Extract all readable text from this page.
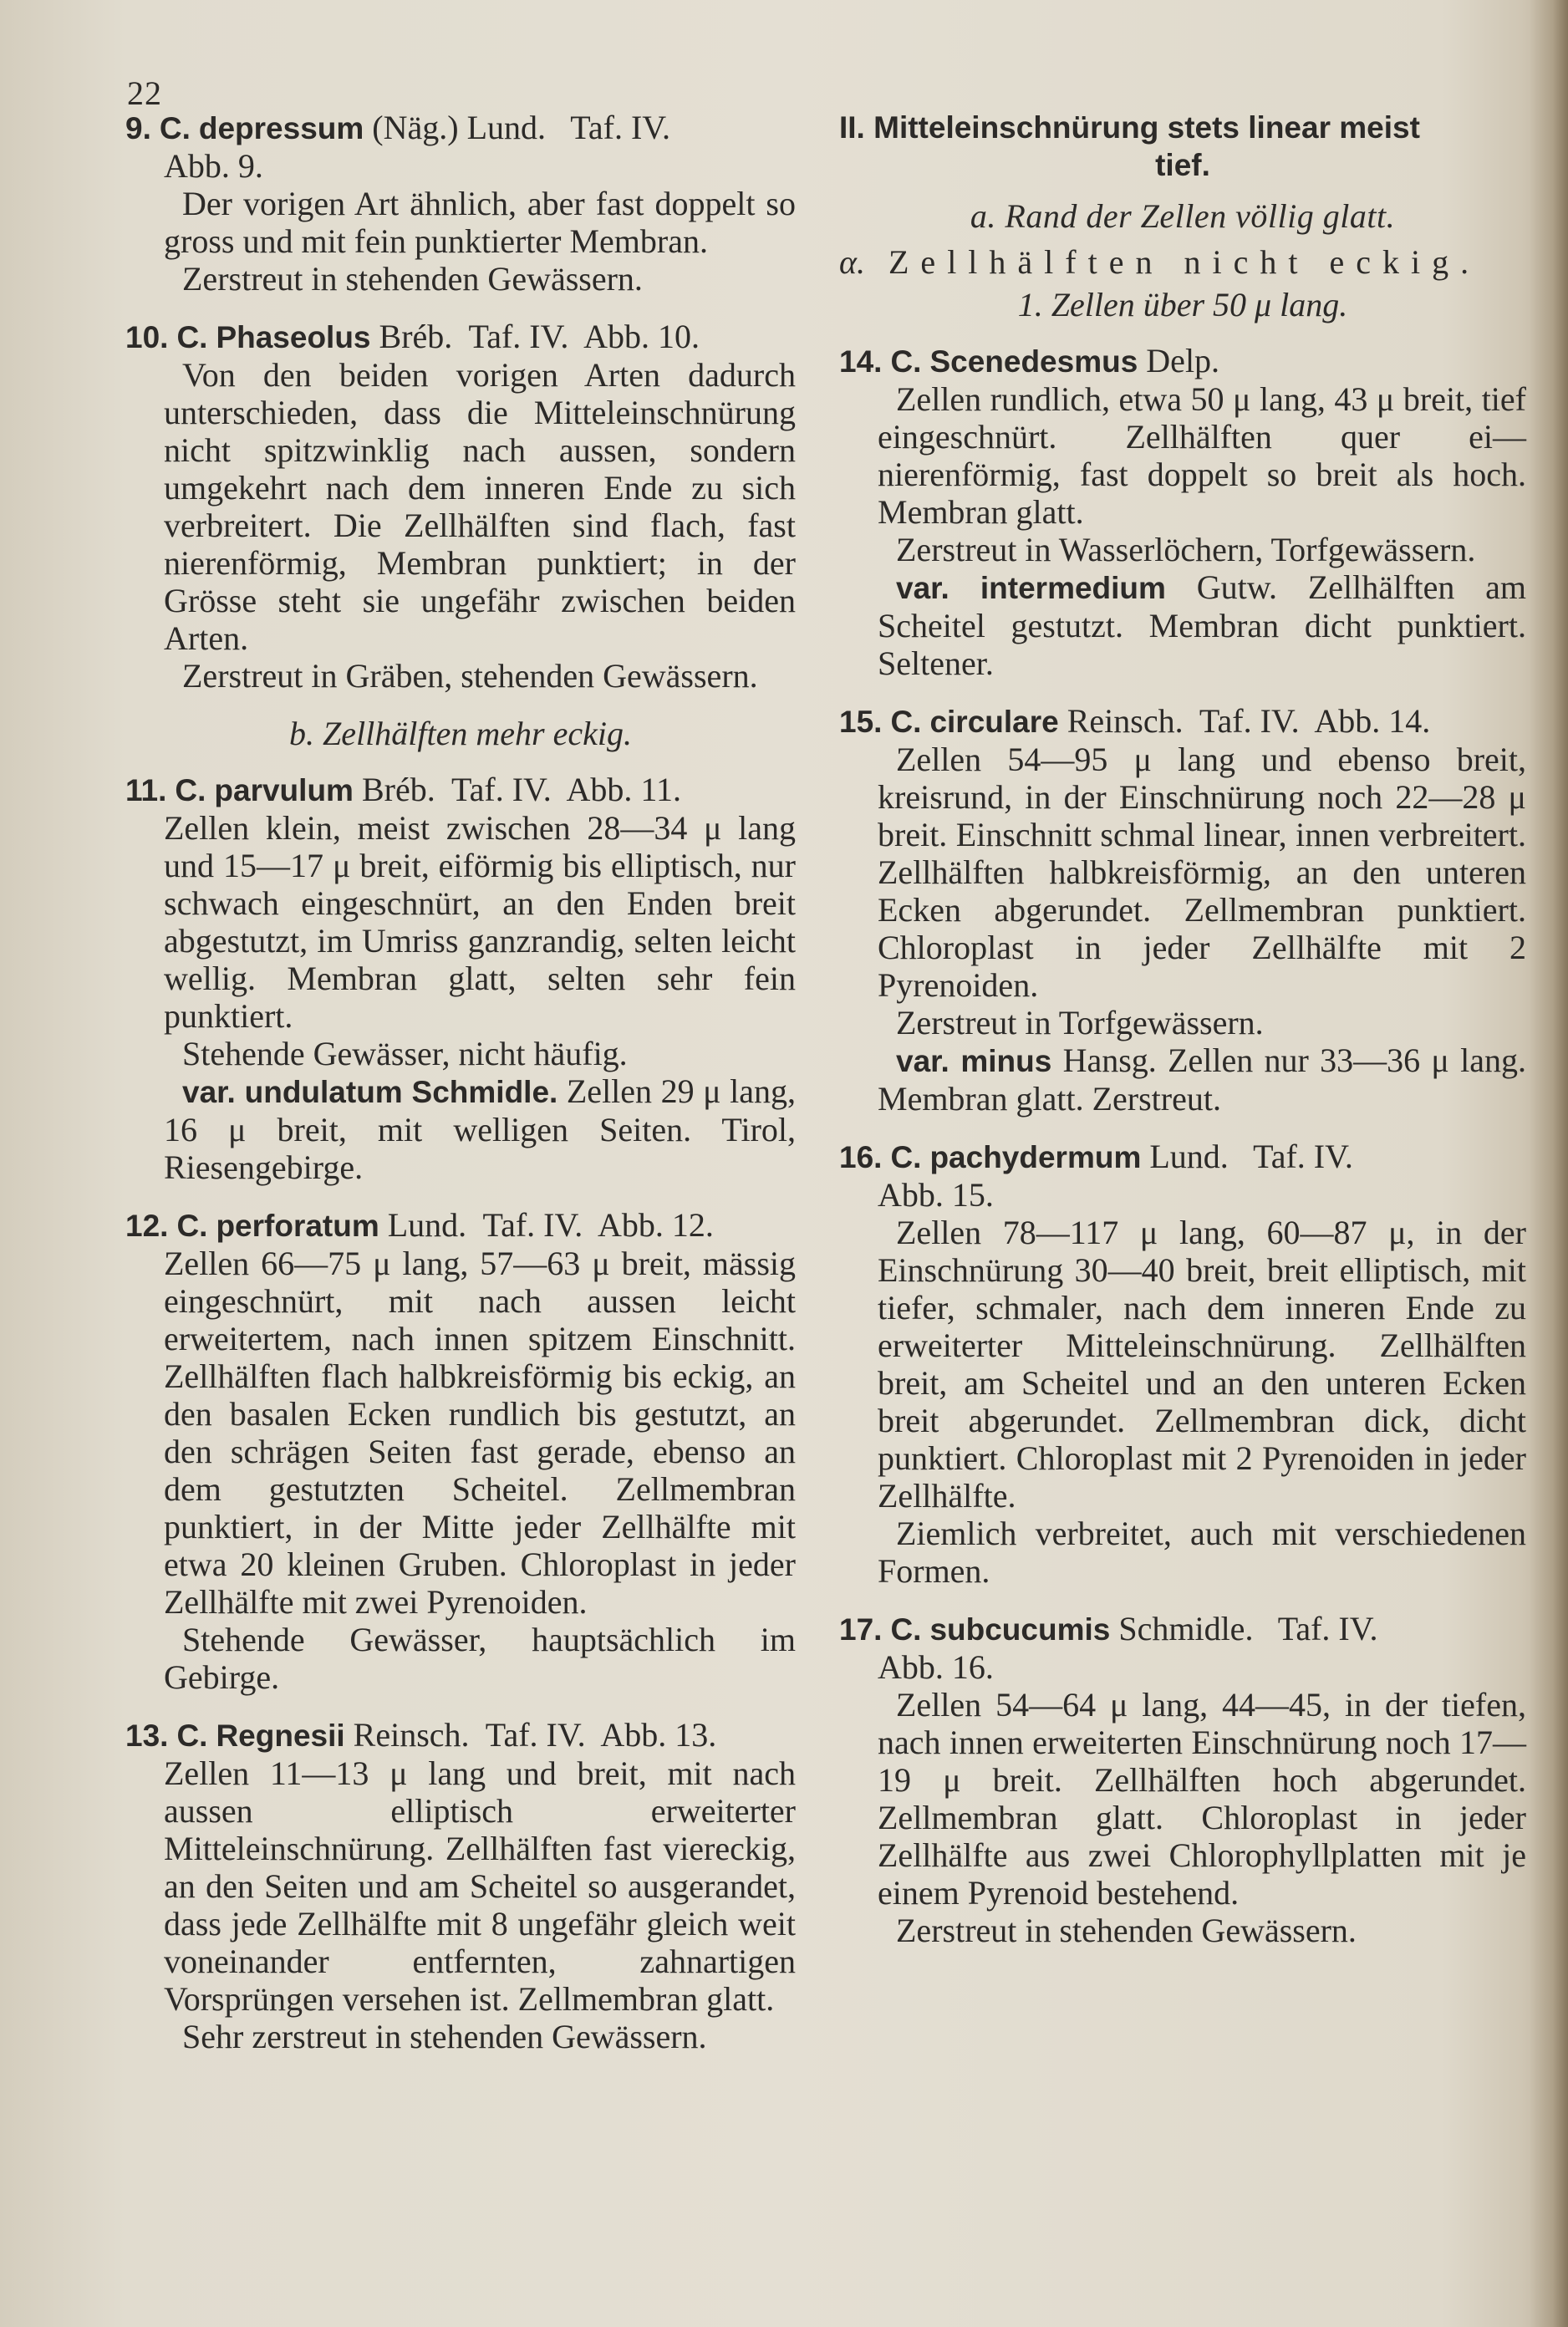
22

9. C. depressum (Näg.) Lund.   Taf. IV.

Abb. 9.

Der vorigen Art ähnlich, aber fast doppelt so gross und mit fein punktierter Membran.

Zerstreut in stehenden Gewässern.

10. C. Phaseolus Bréb.  Taf. IV.  Abb. 10.

Von den beiden vorigen Arten dadurch unterschieden, dass die Mitteleinschnürung nicht spitzwinklig nach aussen, sondern umgekehrt nach dem inneren Ende zu sich verbreitert. Die Zellhälften sind flach, fast nierenförmig, Membran punktiert; in der Grösse steht sie ungefähr zwischen beiden Arten.

Zerstreut in Gräben, stehenden Gewässern.

b. Zellhälften mehr eckig.

11. C. parvulum Bréb.  Taf. IV.  Abb. 11.

Zellen klein, meist zwischen 28—34 μ lang und 15—17 μ breit, eiförmig bis elliptisch, nur schwach eingeschnürt, an den Enden breit abgestutzt, im Umriss ganzrandig, selten leicht wellig. Membran glatt, selten sehr fein punktiert.

Stehende Gewässer, nicht häufig.

var. undulatum Schmidle. Zellen 29 μ lang, 16 μ breit, mit welligen Seiten. Tirol, Riesengebirge.

12. C. perforatum Lund.  Taf. IV.  Abb. 12.

Zellen 66—75 μ lang, 57—63 μ breit, mässig eingeschnürt, mit nach aussen leicht erweitertem, nach innen spitzem Einschnitt. Zellhälften flach halbkreisförmig bis eckig, an den basalen Ecken rundlich bis gestutzt, an den schrägen Seiten fast gerade, ebenso an dem gestutzten Scheitel. Zellmembran punktiert, in der Mitte jeder Zellhälfte mit etwa 20 kleinen Gruben. Chloroplast in jeder Zellhälfte mit zwei Pyrenoiden.

Stehende Gewässer, hauptsächlich im Gebirge.

13. C. Regnesii Reinsch.  Taf. IV.  Abb. 13.

Zellen 11—13 μ lang und breit, mit nach aussen elliptisch erweiterter Mitteleinschnürung. Zellhälften fast viereckig, an den Seiten und am Scheitel so ausgerandet, dass jede Zellhälfte mit 8 ungefähr gleich weit voneinander entfernten, zahnartigen Vorsprüngen versehen ist. Zellmembran glatt.

Sehr zerstreut in stehenden Gewässern.

II. Mitteleinschnürung stets linear meist
tief.

a. Rand der Zellen völlig glatt.

α. Zellhälften nicht eckig.

1. Zellen über 50 μ lang.

14. C. Scenedesmus Delp.

Zellen rundlich, etwa 50 μ lang, 43 μ breit, tief eingeschnürt. Zellhälften quer ei—nierenförmig, fast doppelt so breit als hoch. Membran glatt.

Zerstreut in Wasserlöchern, Torfgewässern.

var. intermedium Gutw. Zellhälften am Scheitel gestutzt. Membran dicht punktiert. Seltener.

15. C. circulare Reinsch.  Taf. IV.  Abb. 14.

Zellen 54—95 μ lang und ebenso breit, kreisrund, in der Einschnürung noch 22—28 μ breit. Einschnitt schmal linear, innen verbreitert. Zellhälften halbkreisförmig, an den unteren Ecken abgerundet. Zellmembran punktiert. Chloroplast in jeder Zellhälfte mit 2 Pyrenoiden.

Zerstreut in Torfgewässern.

var. minus Hansg. Zellen nur 33—36 μ lang. Membran glatt. Zerstreut.

16. C. pachydermum Lund.   Taf. IV.

Abb. 15.

Zellen 78—117 μ lang, 60—87 μ, in der Einschnürung 30—40 breit, breit elliptisch, mit tiefer, schmaler, nach dem inneren Ende zu erweiterter Mitteleinschnürung. Zellhälften breit, am Scheitel und an den unteren Ecken breit abgerundet. Zellmembran dick, dicht punktiert. Chloroplast mit 2 Pyrenoiden in jeder Zellhälfte.

Ziemlich verbreitet, auch mit verschiedenen Formen.

17. C. subcucumis Schmidle.   Taf. IV.

Abb. 16.

Zellen 54—64 μ lang, 44—45, in der tiefen, nach innen erweiterten Einschnürung noch 17—19 μ breit. Zellhälften hoch abgerundet. Zellmembran glatt. Chloroplast in jeder Zellhälfte aus zwei Chlorophyllplatten mit je einem Pyrenoid bestehend.

Zerstreut in stehenden Gewässern.
